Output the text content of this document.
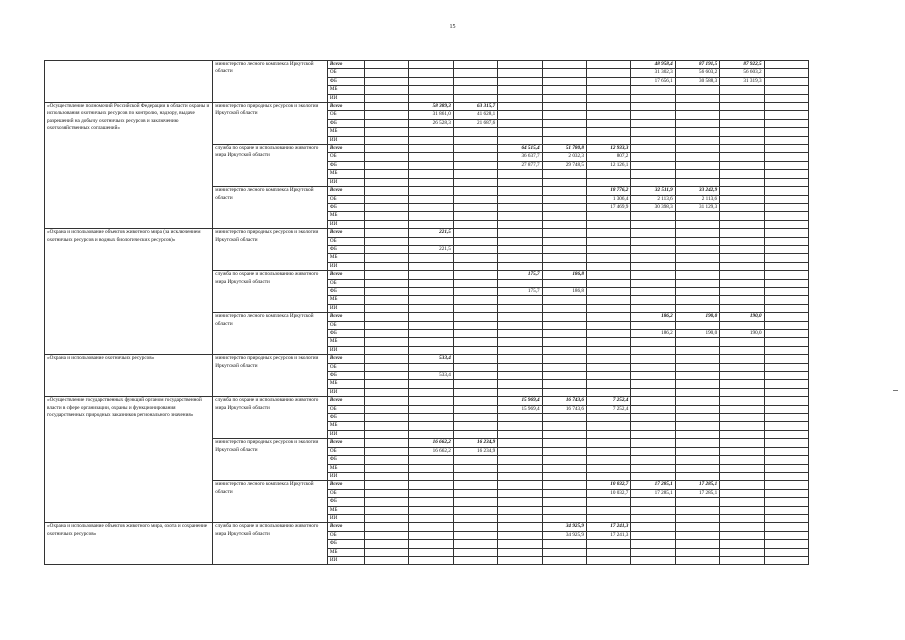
15
	министерство лесного комплекса Иркутской области	Всего							48 958,4	87 191,5	87 922,5	
		ОБ							31 302,3	56 603,2	56 603,2	
		ФБ							17 656,1	30 588,3	31 319,3	
		МБ										
		ИИ										
«Осуществление полномочий Российской Федерации в области охраны и использования охотничьих ресурсов по контролю, надзору, выдаче разрешений на добычу охотничьих ресурсов и заключению охотхозяйственных соглашений»	министерство природных ресурсов и экологии Иркутской области	Всего		58 389,3	63 315,7							
		ОБ		31 861,0	41 628,1							
		ФБ		26 528,3	21 687,6							
		МБ										
		ИИ										
	служба по охране и использованию животного мира Иркутской области	Всего				64 515,4	51 780,8	12 933,3				
		ОБ				36 637,7	2 032,3	807,2				
		ФБ				27 877,7	29 748,5	12 126,1				
		МБ										
		ИИ										
	министерство лесного комплекса Иркутской области	Всего						18 776,2	32 511,9	33 242,9		
		ОБ						1 306,4	2 113,6	2 113,6		
		ФБ						17 469,9	30 398,3	31 129,3		
		МБ										
		ИИ										
«Охрана и использование объектов животного мира (за исключением охотничьих ресурсов и водных биологических ресурсов)»	министерство природных ресурсов и экологии Иркутской области	Всего		221,5								
		ОБ										
		ФБ		221,5								
		МБ										
		ИИ										
	служба по охране и использованию животного мира Иркутской области	Всего				175,7	186,8					
		ОБ										
		ФБ				175,7	186,8					
		МБ										
		ИИ										
	министерство лесного комплекса Иркутской области	Всего							186,2	190,0	190,0	
		ОБ										
		ФБ							186,2	190,0	190,0	
		МБ										
		ИИ										
«Охрана и использование охотничьих ресурсов»	министерство природных ресурсов и экологии Иркутской области	Всего		533,4								
		ОБ										
		ФБ		533,4								
		МБ										
		ИИ										
«Осуществление государственных функций органом государственной власти в сфере организации, охраны и функционирования государственных природных заказников регионального значения»	служба по охране и использованию животного мира Иркутской области	Всего				15 969,4	16 743,6	7 252,4				
		ОБ				15 969,4	16 743,6	7 252,4				
		ФБ										
		МБ										
		ИИ										
	министерство природных ресурсов и экологии Иркутской области	Всего		16 662,2	16 234,9							
		ОБ		16 662,2	16 234,9							
		ФБ										
		МБ										
		ИИ										
	министерство лесного комплекса Иркутской области	Всего						10 032,7	17 285,1	17 285,1		
		ОБ						10 032,7	17 285,1	17 285,1		
		ФБ										
		МБ										
		ИИ										
«Охрана и использование объектов животного мира, охота и сохранение охотничьих ресурсов»	служба по охране и использованию животного мира Иркутской области	Всего					34 925,9	17 241,3				
		ОБ					34 925,9	17 241,3				
		ФБ										
		МБ										
		ИИ										
